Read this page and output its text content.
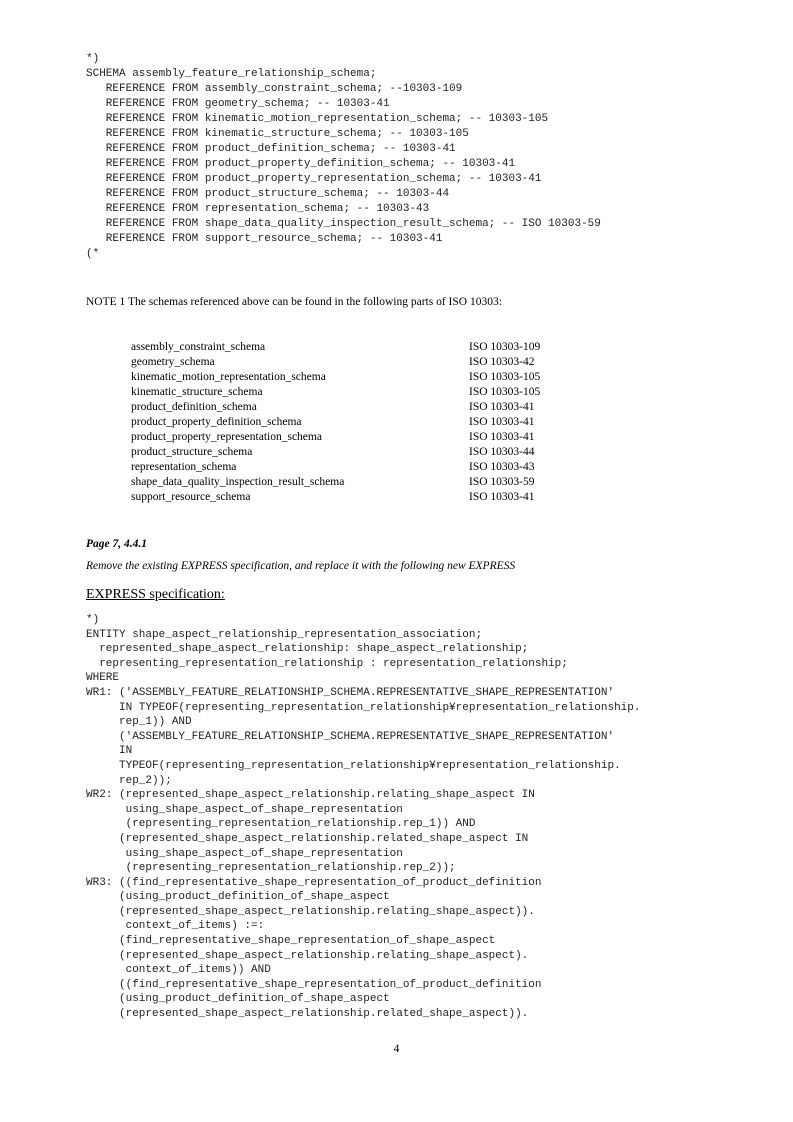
*)
SCHEMA assembly_feature_relationship_schema;
REFERENCE FROM assembly_constraint_schema; --10303-109
REFERENCE FROM geometry_schema; -- 10303-41
REFERENCE FROM kinematic_motion_representation_schema; -- 10303-105
REFERENCE FROM kinematic_structure_schema; -- 10303-105
REFERENCE FROM product_definition_schema; -- 10303-41
REFERENCE FROM product_property_definition_schema; -- 10303-41
REFERENCE FROM product_property_representation_schema; -- 10303-41
REFERENCE FROM product_structure_schema; -- 10303-44
REFERENCE FROM representation_schema; -- 10303-43
REFERENCE FROM shape_data_quality_inspection_result_schema; -- ISO 10303-59
REFERENCE FROM support_resource_schema; -- 10303-41
(*
NOTE 1 The schemas referenced above can be found in the following parts of ISO 10303:
assembly_constraint_schema	ISO 10303-109
geometry_schema	ISO 10303-42
kinematic_motion_representation_schema	ISO 10303-105
kinematic_structure_schema	ISO 10303-105
product_definition_schema	ISO 10303-41
product_property_definition_schema	ISO 10303-41
product_property_representation_schema	ISO 10303-41
product_structure_schema	ISO 10303-44
representation_schema	ISO 10303-43
shape_data_quality_inspection_result_schema	ISO 10303-59
support_resource_schema	ISO 10303-41
Page 7, 4.4.1
Remove the existing EXPRESS specification, and replace it with the following new EXPRESS
EXPRESS specification:
*)
ENTITY shape_aspect_relationship_representation_association;
represented_shape_aspect_relationship: shape_aspect_relationship;
representing_representation_relationship : representation_relationship;
WHERE
WR1: ('ASSEMBLY_FEATURE_RELATIONSHIP_SCHEMA.REPRESENTATIVE_SHAPE_REPRESENTATION'
IN TYPEOF(representing_representation_relationship¥representation_relationship.
rep_1)) AND
('ASSEMBLY_FEATURE_RELATIONSHIP_SCHEMA.REPRESENTATIVE_SHAPE_REPRESENTATION'
IN
TYPEOF(representing_representation_relationship¥representation_relationship.
rep_2));
WR2: (represented_shape_aspect_relationship.relating_shape_aspect IN
using_shape_aspect_of_shape_representation
(representing_representation_relationship.rep_1)) AND
(represented_shape_aspect_relationship.related_shape_aspect IN
using_shape_aspect_of_shape_representation
(representing_representation_relationship.rep_2));
WR3: ((find_representative_shape_representation_of_product_definition
(using_product_definition_of_shape_aspect
(represented_shape_aspect_relationship.relating_shape_aspect)).
context_of_items) :=:
(find_representative_shape_representation_of_shape_aspect
(represented_shape_aspect_relationship.relating_shape_aspect).
context_of_items)) AND
((find_representative_shape_representation_of_product_definition
(using_product_definition_of_shape_aspect
(represented_shape_aspect_relationship.related_shape_aspect)).
4
